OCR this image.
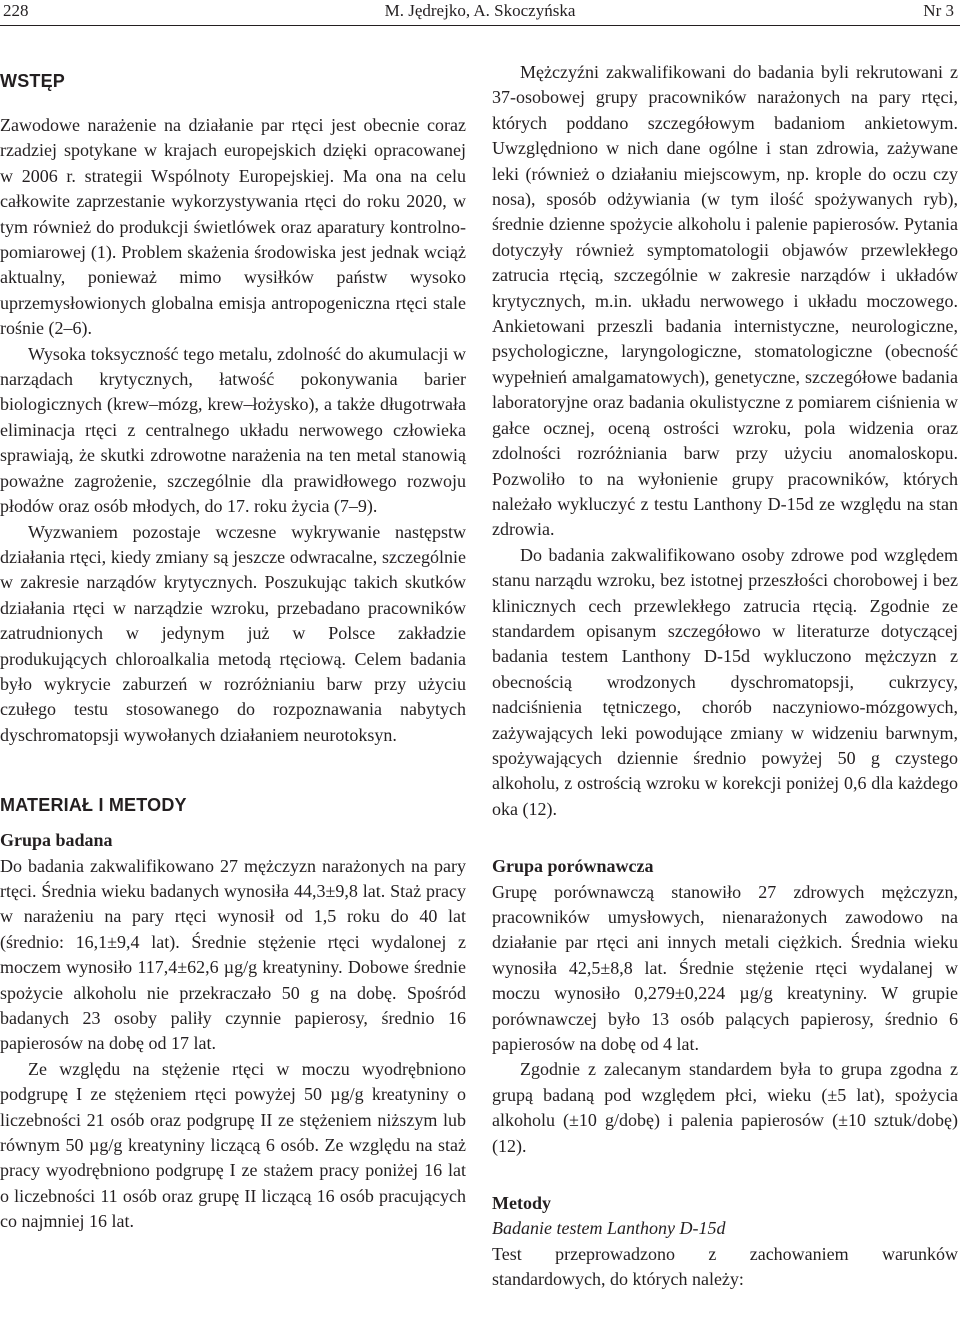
228	M. Jędrejko, A. Skoczyńska	Nr 3
WSTĘP

Zawodowe narażenie na działanie par rtęci jest obecnie coraz rzadziej spotykane w krajach europejskich dzięki opracowanej w 2006 r. strategii Wspólnoty Europejskiej. Ma ona na celu całkowite zaprzestanie wykorzystywania rtęci do roku 2020, w tym również do produkcji świetlówek oraz aparatury kontrolno-pomiarowej (1). Problem skażenia środowiska jest jednak wciąż aktualny, ponieważ mimo wysiłków państw wysoko uprzemysłowionych globalna emisja antropogeniczna rtęci stale rośnie (2–6).

Wysoka toksyczność tego metalu, zdolność do akumulacji w narządach krytycznych, łatwość pokonywania barier biologicznych (krew–mózg, krew–łożysko), a także długotrwała eliminacja rtęci z centralnego układu nerwowego człowieka sprawiają, że skutki zdrowotne narażenia na ten metal stanowią poważne zagrożenie, szczególnie dla prawidłowego rozwoju płodów oraz osób młodych, do 17. roku życia (7–9).

Wyzwaniem pozostaje wczesne wykrywanie następstw działania rtęci, kiedy zmiany są jeszcze odwracalne, szczególnie w zakresie narządów krytycznych. Poszukując takich skutków działania rtęci w narządzie wzroku, przebadano pracowników zatrudnionych w jedynym już w Polsce zakładzie produkujących chloroalkalia metodą rtęciową. Celem badania było wykrycie zaburzeń w rozróżnianiu barw przy użyciu czułego testu stosowanego do rozpoznawania nabytych dyschromatopsji wywołanych działaniem neurotoksyn.

MATERIAŁ I METODY

Grupa badana

Do badania zakwalifikowano 27 mężczyzn narażonych na pary rtęci. Średnia wieku badanych wynosiła 44,3±9,8 lat. Staż pracy w narażeniu na pary rtęci wynosił od 1,5 roku do 40 lat (średnio: 16,1±9,4 lat). Średnie stężenie rtęci wydalonej z moczem wynosiło 117,4±62,6 µg/g kreatyniny. Dobowe średnie spożycie alkoholu nie przekraczało 50 g na dobę. Spośród badanych 23 osoby paliły czynnie papierosy, średnio 16 papierosów na dobę od 17 lat.

Ze względu na stężenie rtęci w moczu wyodrębniono podgrupę I ze stężeniem rtęci powyżej 50 µg/g kreatyniny o liczebności 21 osób oraz podgrupę II ze stężeniem niższym lub równym 50 µg/g kreatyniny liczącą 6 osób. Ze względu na staż pracy wyodrębniono podgrupę I ze stażem pracy poniżej 16 lat o liczebności 11 osób oraz grupę II liczącą 16 osób pracujących co najmniej 16 lat.

Mężczyźni zakwalifikowani do badania byli rekrutowani z 37-osobowej grupy pracowników narażonych na pary rtęci, których poddano szczegółowym badaniom ankietowym. Uwzględniono w nich dane ogólne i stan zdrowia, zażywane leki (również o działaniu miejscowym, np. krople do oczu czy nosa), sposób odżywiania (w tym ilość spożywanych ryb), średnie dzienne spożycie alkoholu i palenie papierosów. Pytania dotyczyły również symptomatologii objawów przewlekłego zatrucia rtęcią, szczególnie w zakresie narządów i układów krytycznych, m.in. układu nerwowego i układu moczowego. Ankietowani przeszli badania internistyczne, neurologiczne, psychologiczne, laryngologiczne, stomatologiczne (obecność wypełnień amalgamatowych), genetyczne, szczegółowe badania laboratoryjne oraz badania okulistyczne z pomiarem ciśnienia w gałce ocznej, oceną ostrości wzroku, pola widzenia oraz zdolności rozróżniania barw przy użyciu anomaloskopu. Pozwoliło to na wyłonienie grupy pracowników, których należało wykluczyć z testu Lanthony D-15d ze względu na stan zdrowia.

Do badania zakwalifikowano osoby zdrowe pod względem stanu narządu wzroku, bez istotnej przeszłości chorobowej i bez klinicznych cech przewlekłego zatrucia rtęcią. Zgodnie ze standardem opisanym szczegółowo w literaturze dotyczącej badania testem Lanthony D-15d wykluczono mężczyzn z obecnością wrodzonych dyschromatopsji, cukrzycy, nadciśnienia tętniczego, chorób naczyniowo-mózgowych, zażywających leki powodujące zmiany w widzeniu barwnym, spożywających dziennie średnio powyżej 50 g czystego alkoholu, z ostrością wzroku w korekcji poniżej 0,6 dla każdego oka (12).

Grupa porównawcza

Grupę porównawczą stanowiło 27 zdrowych mężczyzn, pracowników umysłowych, nienarażonych zawodowo na działanie par rtęci ani innych metali ciężkich. Średnia wieku wynosiła 42,5±8,8 lat. Średnie stężenie rtęci wydalanej w moczu wynosiło 0,279±0,224 µg/g kreatyniny. W grupie porównawczej było 13 osób palących papierosy, średnio 6 papierosów na dobę od 4 lat.

Zgodnie z zalecanym standardem była to grupa zgodna z grupą badaną pod względem płci, wieku (±5 lat), spożycia alkoholu (±10 g/dobę) i palenia papierosów (±10 sztuk/dobę) (12).

Metody

Badanie testem Lanthony D-15d

Test przeprowadzono z zachowaniem warunków standardowych, do których należy:
